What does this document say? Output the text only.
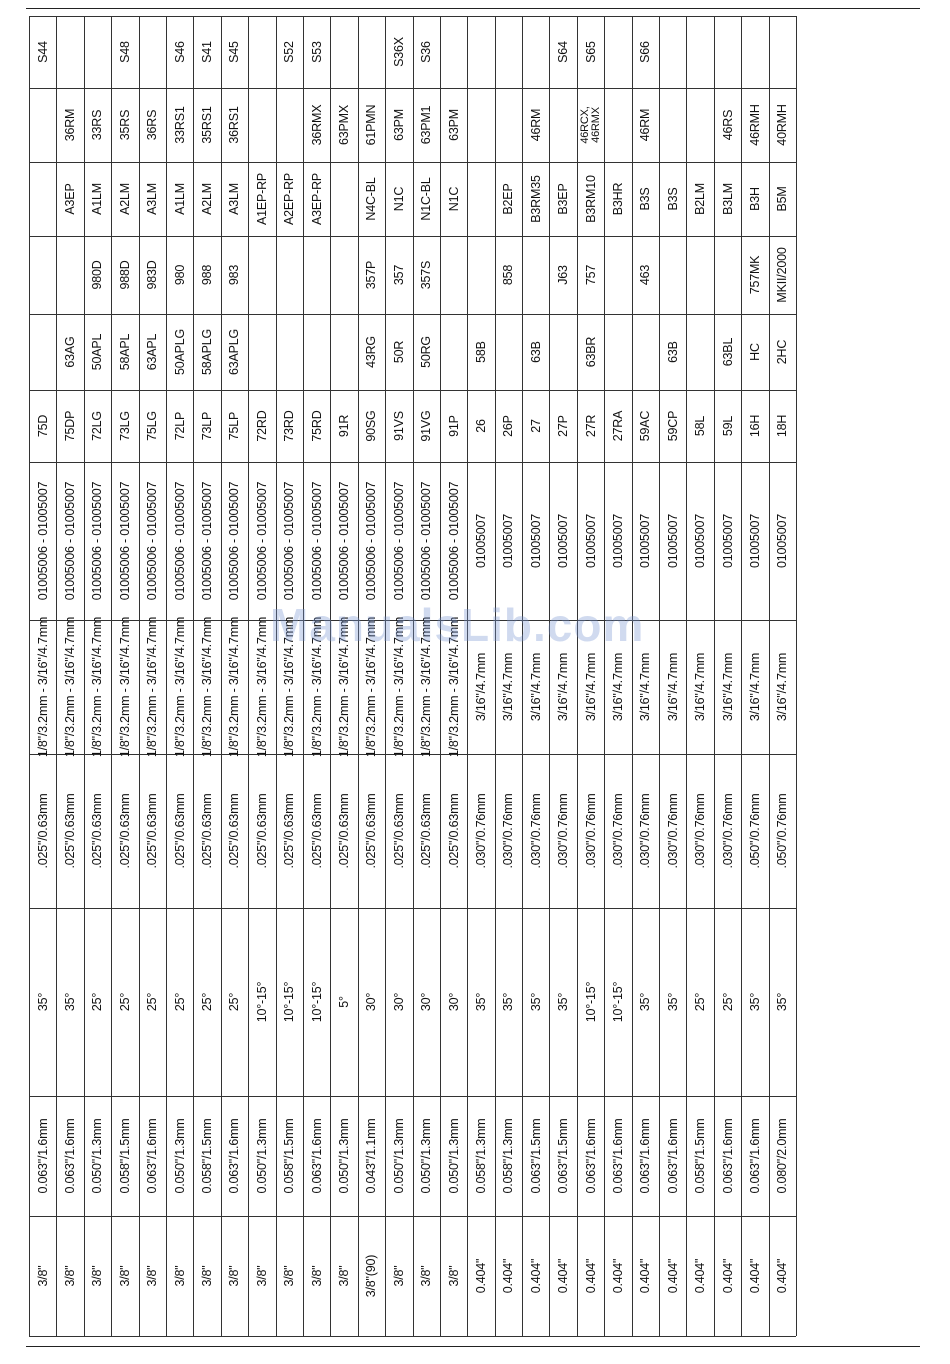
3/8"
0.063"/1.6mm
35°
.025"/0.63mm
1/8"/3.2mm - 3/16"/4.7mm
01005006 - 01005007
75D
S44
3/8"
0.063"/1.6mm
35°
.025"/0.63mm
1/8"/3.2mm - 3/16"/4.7mm
01005006 - 01005007
75DP
63AG
A3EP
36RM
3/8"
0.050"/1.3mm
25°
.025"/0.63mm
1/8"/3.2mm - 3/16"/4.7mm
01005006 - 01005007
72LG
50APL
980D
A1LM
33RS
3/8"
0.058"/1.5mm
25°
.025"/0.63mm
1/8"/3.2mm - 3/16"/4.7mm
01005006 - 01005007
73LG
58APL
988D
A2LM
35RS
S48
3/8"
0.063"/1.6mm
25°
.025"/0.63mm
1/8"/3.2mm - 3/16"/4.7mm
01005006 - 01005007
75LG
63APL
983D
A3LM
36RS
3/8"
0.050"/1.3mm
25°
.025"/0.63mm
1/8"/3.2mm - 3/16"/4.7mm
01005006 - 01005007
72LP
50APLG
980
A1LM
33RS1
S46
3/8"
0.058"/1.5mm
25°
.025"/0.63mm
1/8"/3.2mm - 3/16"/4.7mm
01005006 - 01005007
73LP
58APLG
988
A2LM
35RS1
S41
3/8"
0.063"/1.6mm
25°
.025"/0.63mm
1/8"/3.2mm - 3/16"/4.7mm
01005006 - 01005007
75LP
63APLG
983
A3LM
36RS1
S45
3/8"
0.050"/1.3mm
10°-15°
.025"/0.63mm
1/8"/3.2mm - 3/16"/4.7mm
01005006 - 01005007
72RD
A1EP-RP
3/8"
0.058"/1.5mm
10°-15°
.025"/0.63mm
1/8"/3.2mm - 3/16"/4.7mm
01005006 - 01005007
73RD
A2EP-RP
S52
3/8"
0.063"/1.6mm
10°-15°
.025"/0.63mm
1/8"/3.2mm - 3/16"/4.7mm
01005006 - 01005007
75RD
A3EP-RP
36RMX
S53
3/8"
0.050"/1.3mm
5°
.025"/0.63mm
1/8"/3.2mm - 3/16"/4.7mm
01005006 - 01005007
91R
63PMX
3/8"(90)
0.043"/1.1mm
30°
.025"/0.63mm
1/8"/3.2mm - 3/16"/4.7mm
01005006 - 01005007
90SG
43RG
357P
N4C-BL
61PMN
3/8"
0.050"/1.3mm
30°
.025"/0.63mm
1/8"/3.2mm - 3/16"/4.7mm
01005006 - 01005007
91VS
50R
357
N1C
63PM
S36X
3/8"
0.050"/1.3mm
30°
.025"/0.63mm
1/8"/3.2mm - 3/16"/4.7mm
01005006 - 01005007
91VG
50RG
357S
N1C-BL
63PM1
S36
3/8"
0.050"/1.3mm
30°
.025"/0.63mm
1/8"/3.2mm - 3/16"/4.7mm
01005006 - 01005007
91P
N1C
63PM
0.404"
0.058"/1.3mm
35°
.030"/0.76mm
3/16"/4.7mm
01005007
26
58B
0.404"
0.058"/1.3mm
35°
.030"/0.76mm
3/16"/4.7mm
01005007
26P
858
B2EP
0.404"
0.063"/1.5mm
35°
.030"/0.76mm
3/16"/4.7mm
01005007
27
63B
B3RM35
46RM
0.404"
0.063"/1.5mm
35°
.030"/0.76mm
3/16"/4.7mm
01005007
27P
J63
B3EP
S64
0.404"
0.063"/1.6mm
10°-15°
.030"/0.76mm
3/16"/4.7mm
01005007
27R
63BR
757
B3RM10
46RCX,
46RMX
S65
0.404"
0.063"/1.6mm
10°-15°
.030"/0.76mm
3/16"/4.7mm
01005007
27RA
B3HR
0.404"
0.063"/1.6mm
35°
.030"/0.76mm
3/16"/4.7mm
01005007
59AC
463
B3S
46RM
S66
0.404"
0.063"/1.6mm
35°
.030"/0.76mm
3/16"/4.7mm
01005007
59CP
63B
B3S
0.404"
0.058"/1.5mm
25°
.030"/0.76mm
3/16"/4.7mm
01005007
58L
B2LM
0.404"
0.063"/1.6mm
25°
.030"/0.76mm
3/16"/4.7mm
01005007
59L
63BL
B3LM
46RS
0.404"
0.063"/1.6mm
35°
.050"/0.76mm
3/16"/4.7mm
01005007
16H
HC
757MK
B3H
46RMH
0.404"
0.080"/2.0mm
35°
.050"/0.76mm
3/16"/4.7mm
01005007
18H
2HC
MKII/2000
B5M
40RMH
ManualsLib.com
